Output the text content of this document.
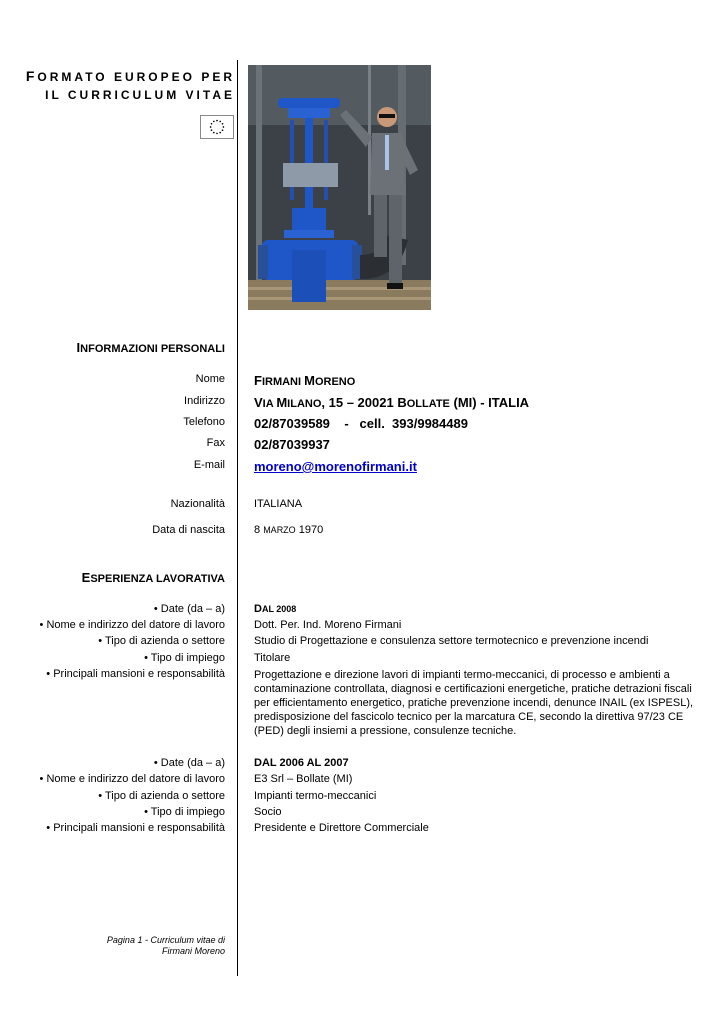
FORMATO EUROPEO PER
IL CURRICULUM VITAE
INFORMAZIONI PERSONALI
Nome FIRMANI MORENO
Indirizzo VIA MILANO, 15 – 20021 BOLLATE (MI) - ITALIA
Telefono 02/87039589    -   cell.  393/9984489
Fax 02/87039937
E-mail moreno@morenofirmani.it
Nazionalità	ITALIANA
Data di nascita	8 MARZO 1970
ESPERIENZA LAVORATIVA
• Date (da – a)	DAL 2008
• Nome e indirizzo del datore di lavoro	Dott. Per. Ind. Moreno Firmani
• Tipo di azienda o settore	Studio di Progettazione e consulenza settore termotecnico e prevenzione incendi
• Tipo di impiego	Titolare
• Principali mansioni e responsabilità	Progettazione e direzione lavori di impianti termo-meccanici, di processo e ambienti a contaminazione controllata, diagnosi e certificazioni energetiche, pratiche detrazioni fiscali per efficientamento energetico, pratiche prevenzione incendi, denunce INAIL (ex ISPESL), predisposizione del fascicolo tecnico per la marcatura CE, secondo la direttiva 97/23 CE (PED) degli insiemi a pressione, consulenze tecniche.
• Date (da – a)	DAL 2006 AL 2007
• Nome e indirizzo del datore di lavoro	E3 Srl – Bollate (MI)
• Tipo di azienda o settore	Impianti termo-meccanici
• Tipo di impiego	Socio
• Principali mansioni e responsabilità	Presidente e Direttore Commerciale
Pagina 1 - Curriculum vitae di
Firmani Moreno
